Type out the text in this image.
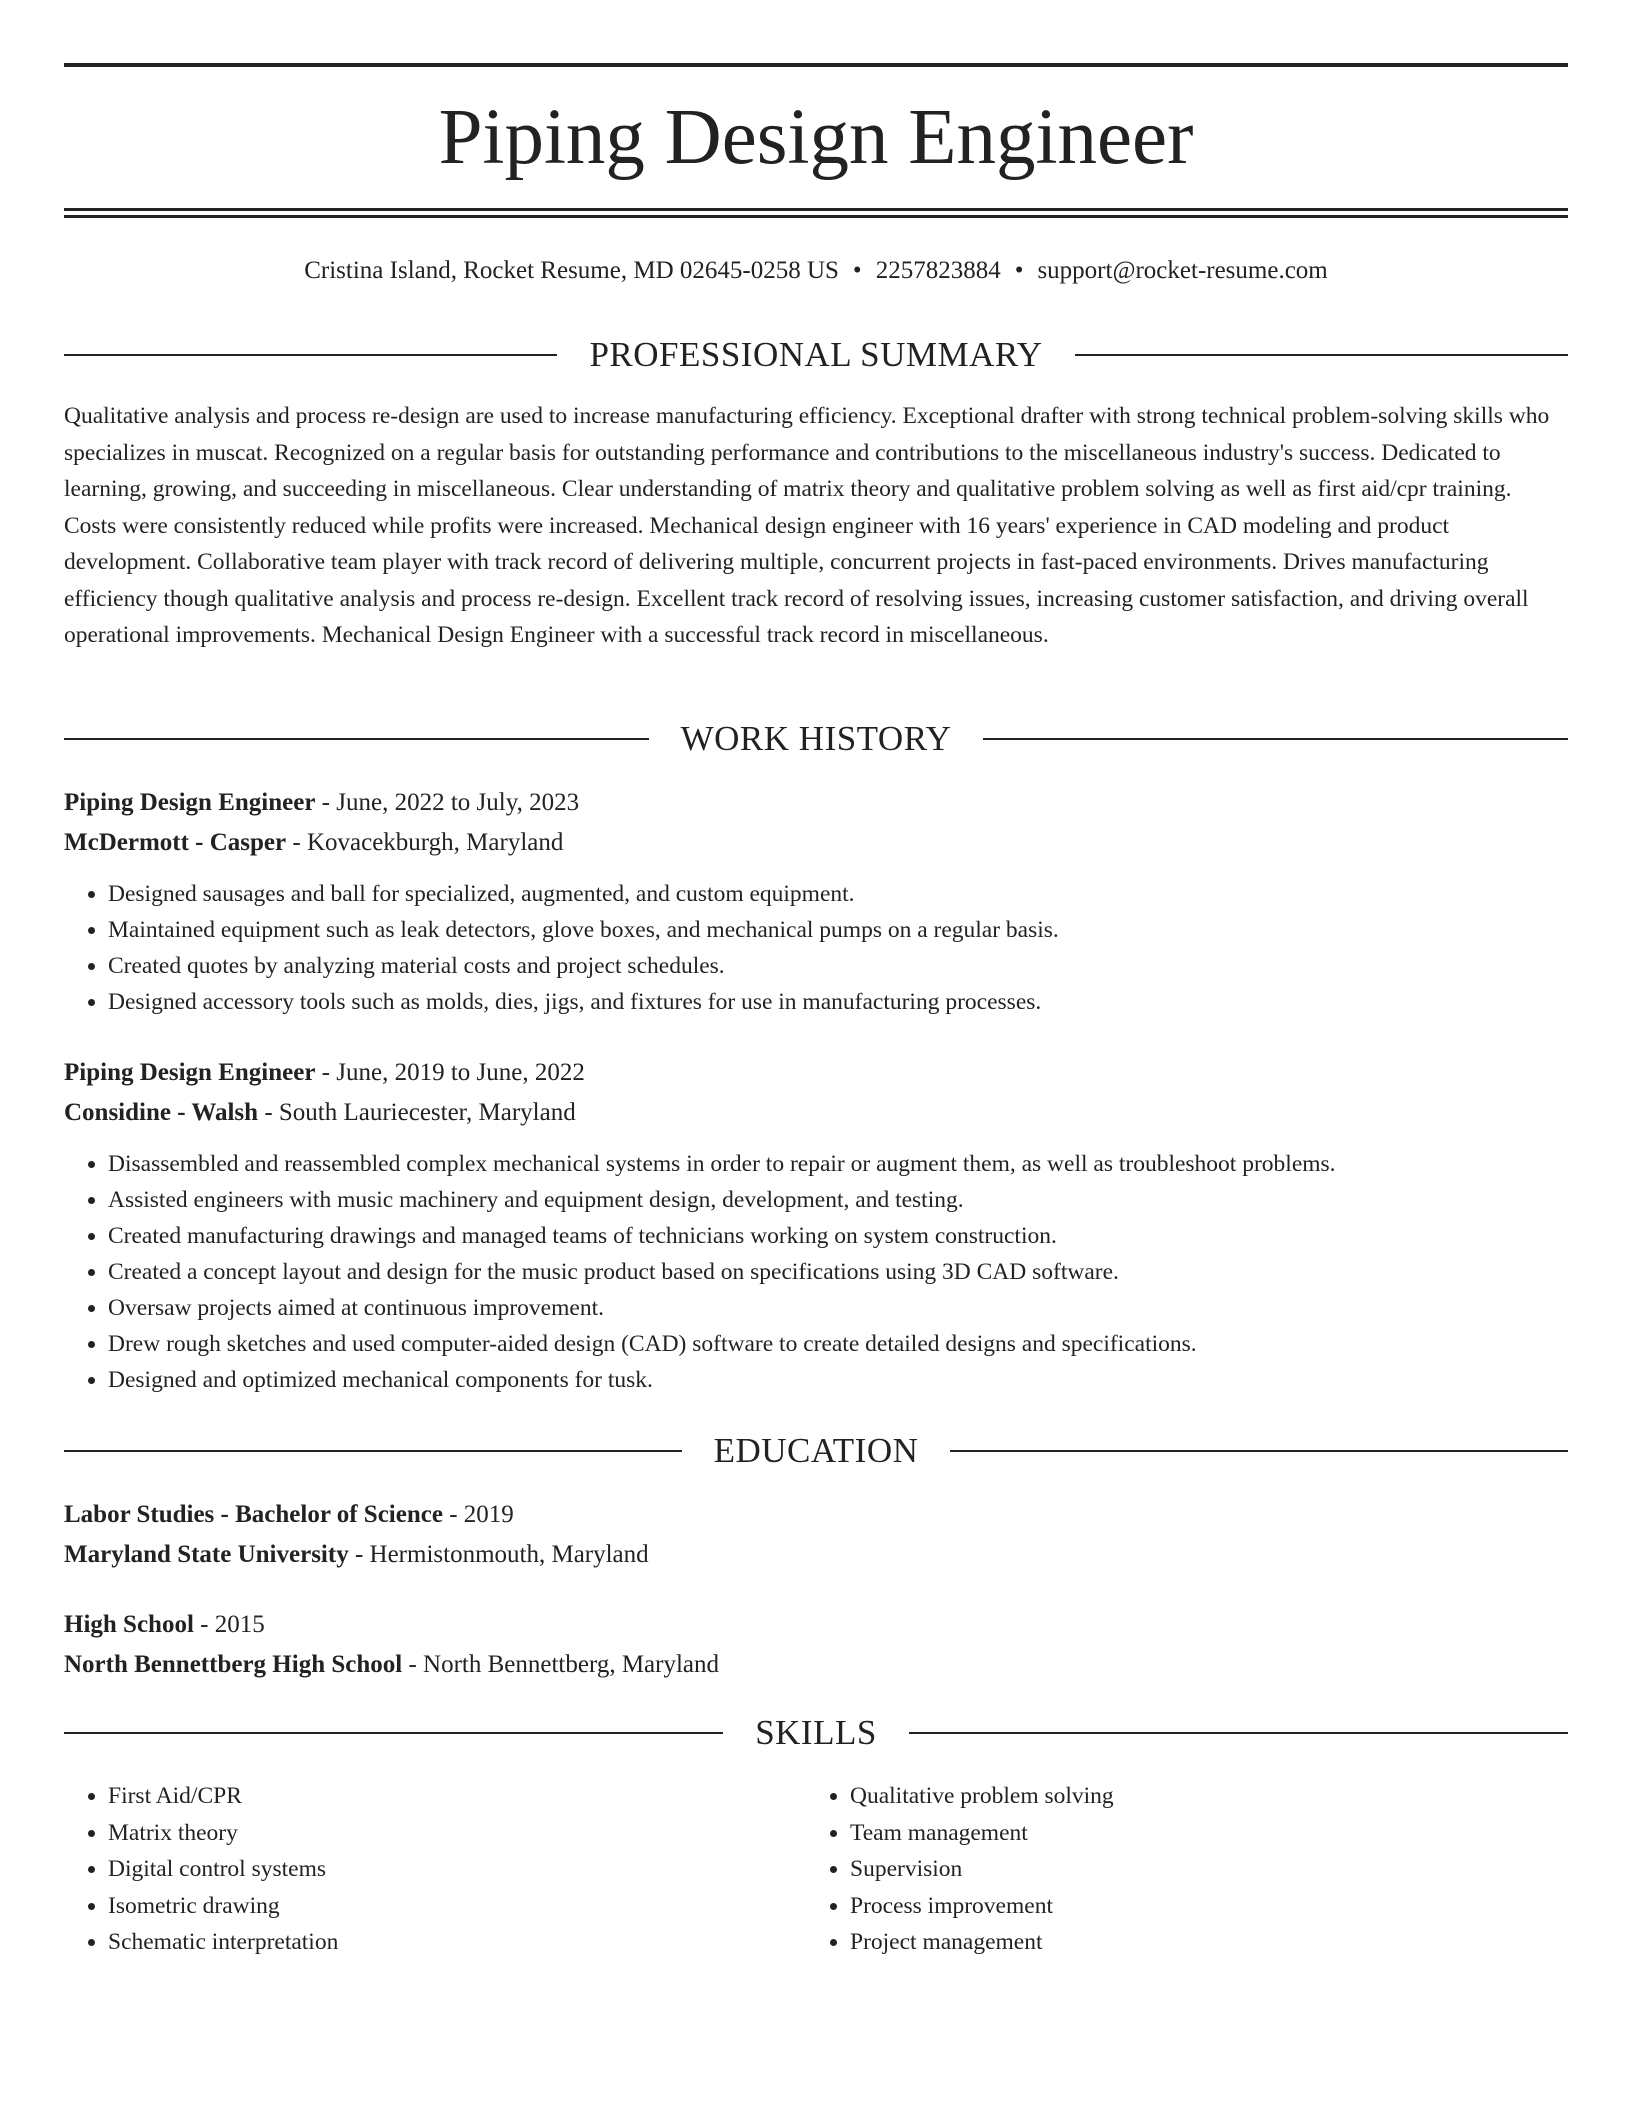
Piping Design Engineer
Cristina Island, Rocket Resume, MD 02645-0258 US • 2257823884 • support@rocket-resume.com
PROFESSIONAL SUMMARY

Qualitative analysis and process re-design are used to increase manufacturing efficiency. Exceptional drafter with strong technical problem-solving skills who specializes in muscat. Recognized on a regular basis for outstanding performance and contributions to the miscellaneous industry's success. Dedicated to learning, growing, and succeeding in miscellaneous. Clear understanding of matrix theory and qualitative problem solving as well as first aid/cpr training. Costs were consistently reduced while profits were increased. Mechanical design engineer with 16 years' experience in CAD modeling and product development. Collaborative team player with track record of delivering multiple, concurrent projects in fast-paced environments. Drives manufacturing efficiency though qualitative analysis and process re-design. Excellent track record of resolving issues, increasing customer satisfaction, and driving overall operational improvements. Mechanical Design Engineer with a successful track record in miscellaneous.

WORK HISTORY
Piping Design Engineer - June, 2022 to July, 2023
McDermott - Casper - Kovacekburgh, Maryland
• Designed sausages and ball for specialized, augmented, and custom equipment.
• Maintained equipment such as leak detectors, glove boxes, and mechanical pumps on a regular basis.
• Created quotes by analyzing material costs and project schedules.
• Designed accessory tools such as molds, dies, jigs, and fixtures for use in manufacturing processes.
Piping Design Engineer - June, 2019 to June, 2022
Considine - Walsh - South Lauriecester, Maryland
• Disassembled and reassembled complex mechanical systems in order to repair or augment them, as well as troubleshoot problems.
• Assisted engineers with music machinery and equipment design, development, and testing.
• Created manufacturing drawings and managed teams of technicians working on system construction.
• Created a concept layout and design for the music product based on specifications using 3D CAD software.
• Oversaw projects aimed at continuous improvement.
• Drew rough sketches and used computer-aided design (CAD) software to create detailed designs and specifications.
• Designed and optimized mechanical components for tusk.
EDUCATION
Labor Studies - Bachelor of Science - 2019
Maryland State University - Hermistonmouth, Maryland
High School - 2015
North Bennettberg High School - North Bennettberg, Maryland
SKILLS
• First Aid/CPR
• Matrix theory
• Digital control systems
• Isometric drawing
• Schematic interpretation
• Qualitative problem solving
• Team management
• Supervision
• Process improvement
• Project management
